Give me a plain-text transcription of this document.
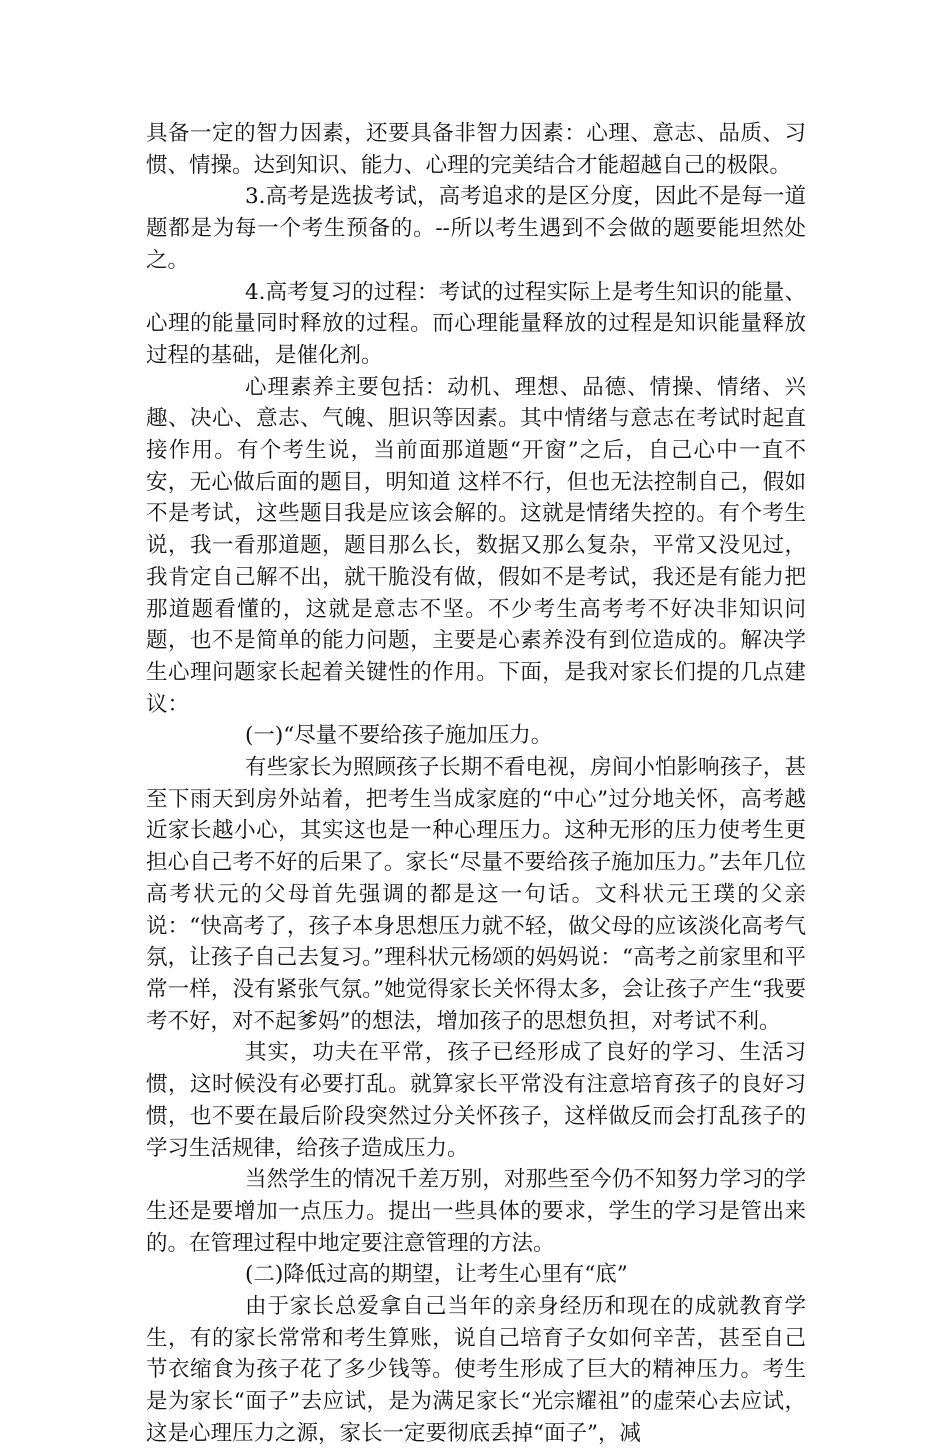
具备一定的智力因素，还要具备非智力因素：心理、意志、品质、习惯、情操。达到知识、能力、心理的完美结合才能超越自己的极限。

3.高考是选拔考试，高考追求的是区分度，因此不是每一道题都是为每一个考生预备的。--所以考生遇到不会做的题要能坦然处之。

4.高考复习的过程：考试的过程实际上是考生知识的能量、心理的能量同时释放的过程。而心理能量释放的过程是知识能量释放过程的基础，是催化剂。

心理素养主要包括：动机、理想、品德、情操、情绪、兴趣、决心、意志、气魄、胆识等因素。其中情绪与意志在考试时起直接作用。有个考生说，当前面那道题“开窗”之后，自己心中一直不安，无心做后面的题目，明知道 这样不行，但也无法控制自己，假如不是考试，这些题目我是应该会解的。这就是情绪失控的。有个考生说，我一看那道题，题目那么长，数据又那么复杂，平常又没见过，我肯定自己解不出，就干脆没有做，假如不是考试，我还是有能力把那道题看懂的，这就是意志不坚。不少考生高考考不好决非知识问题，也不是简单的能力问题，主要是心素养没有到位造成的。解决学生心理问题家长起着关键性的作用。下面，是我对家长们提的几点建议：

(一)“尽量不要给孩子施加压力。

有些家长为照顾孩子长期不看电视，房间小怕影响孩子，甚至下雨天到房外站着，把考生当成家庭的“中心”过分地关怀，高考越近家长越小心，其实这也是一种心理压力。这种无形的压力使考生更担心自己考不好的后果了。家长“尽量不要给孩子施加压力。”去年几位高考状元的父母首先强调的都是这一句话。文科状元王璞的父亲说：“快高考了，孩子本身思想压力就不轻，做父母的应该淡化高考气氛，让孩子自己去复习。”理科状元杨颂的妈妈说：“高考之前家里和平常一样，没有紧张气氛。”她觉得家长关怀得太多，会让孩子产生“我要考不好，对不起爹妈”的想法，增加孩子的思想负担，对考试不利。

其实，功夫在平常，孩子已经形成了良好的学习、生活习惯，这时候没有必要打乱。就算家长平常没有注意培育孩子的良好习惯，也不要在最后阶段突然过分关怀孩子，这样做反而会打乱孩子的学习生活规律，给孩子造成压力。

当然学生的情况千差万别，对那些至今仍不知努力学习的学生还是要增加一点压力。提出一些具体的要求，学生的学习是管出来的。在管理过程中地定要注意管理的方法。

(二)降低过高的期望，让考生心里有“底”

由于家长总爱拿自己当年的亲身经历和现在的成就教育学生，有的家长常常和考生算账，说自己培育子女如何辛苦，甚至自己节衣缩食为孩子花了多少钱等。使考生形成了巨大的精神压力。考生是为家长“面子”去应试，是为满足家长“光宗耀祖”的虚荣心去应试，这是心理压力之源，家长一定要彻底丢掉“面子”，减
